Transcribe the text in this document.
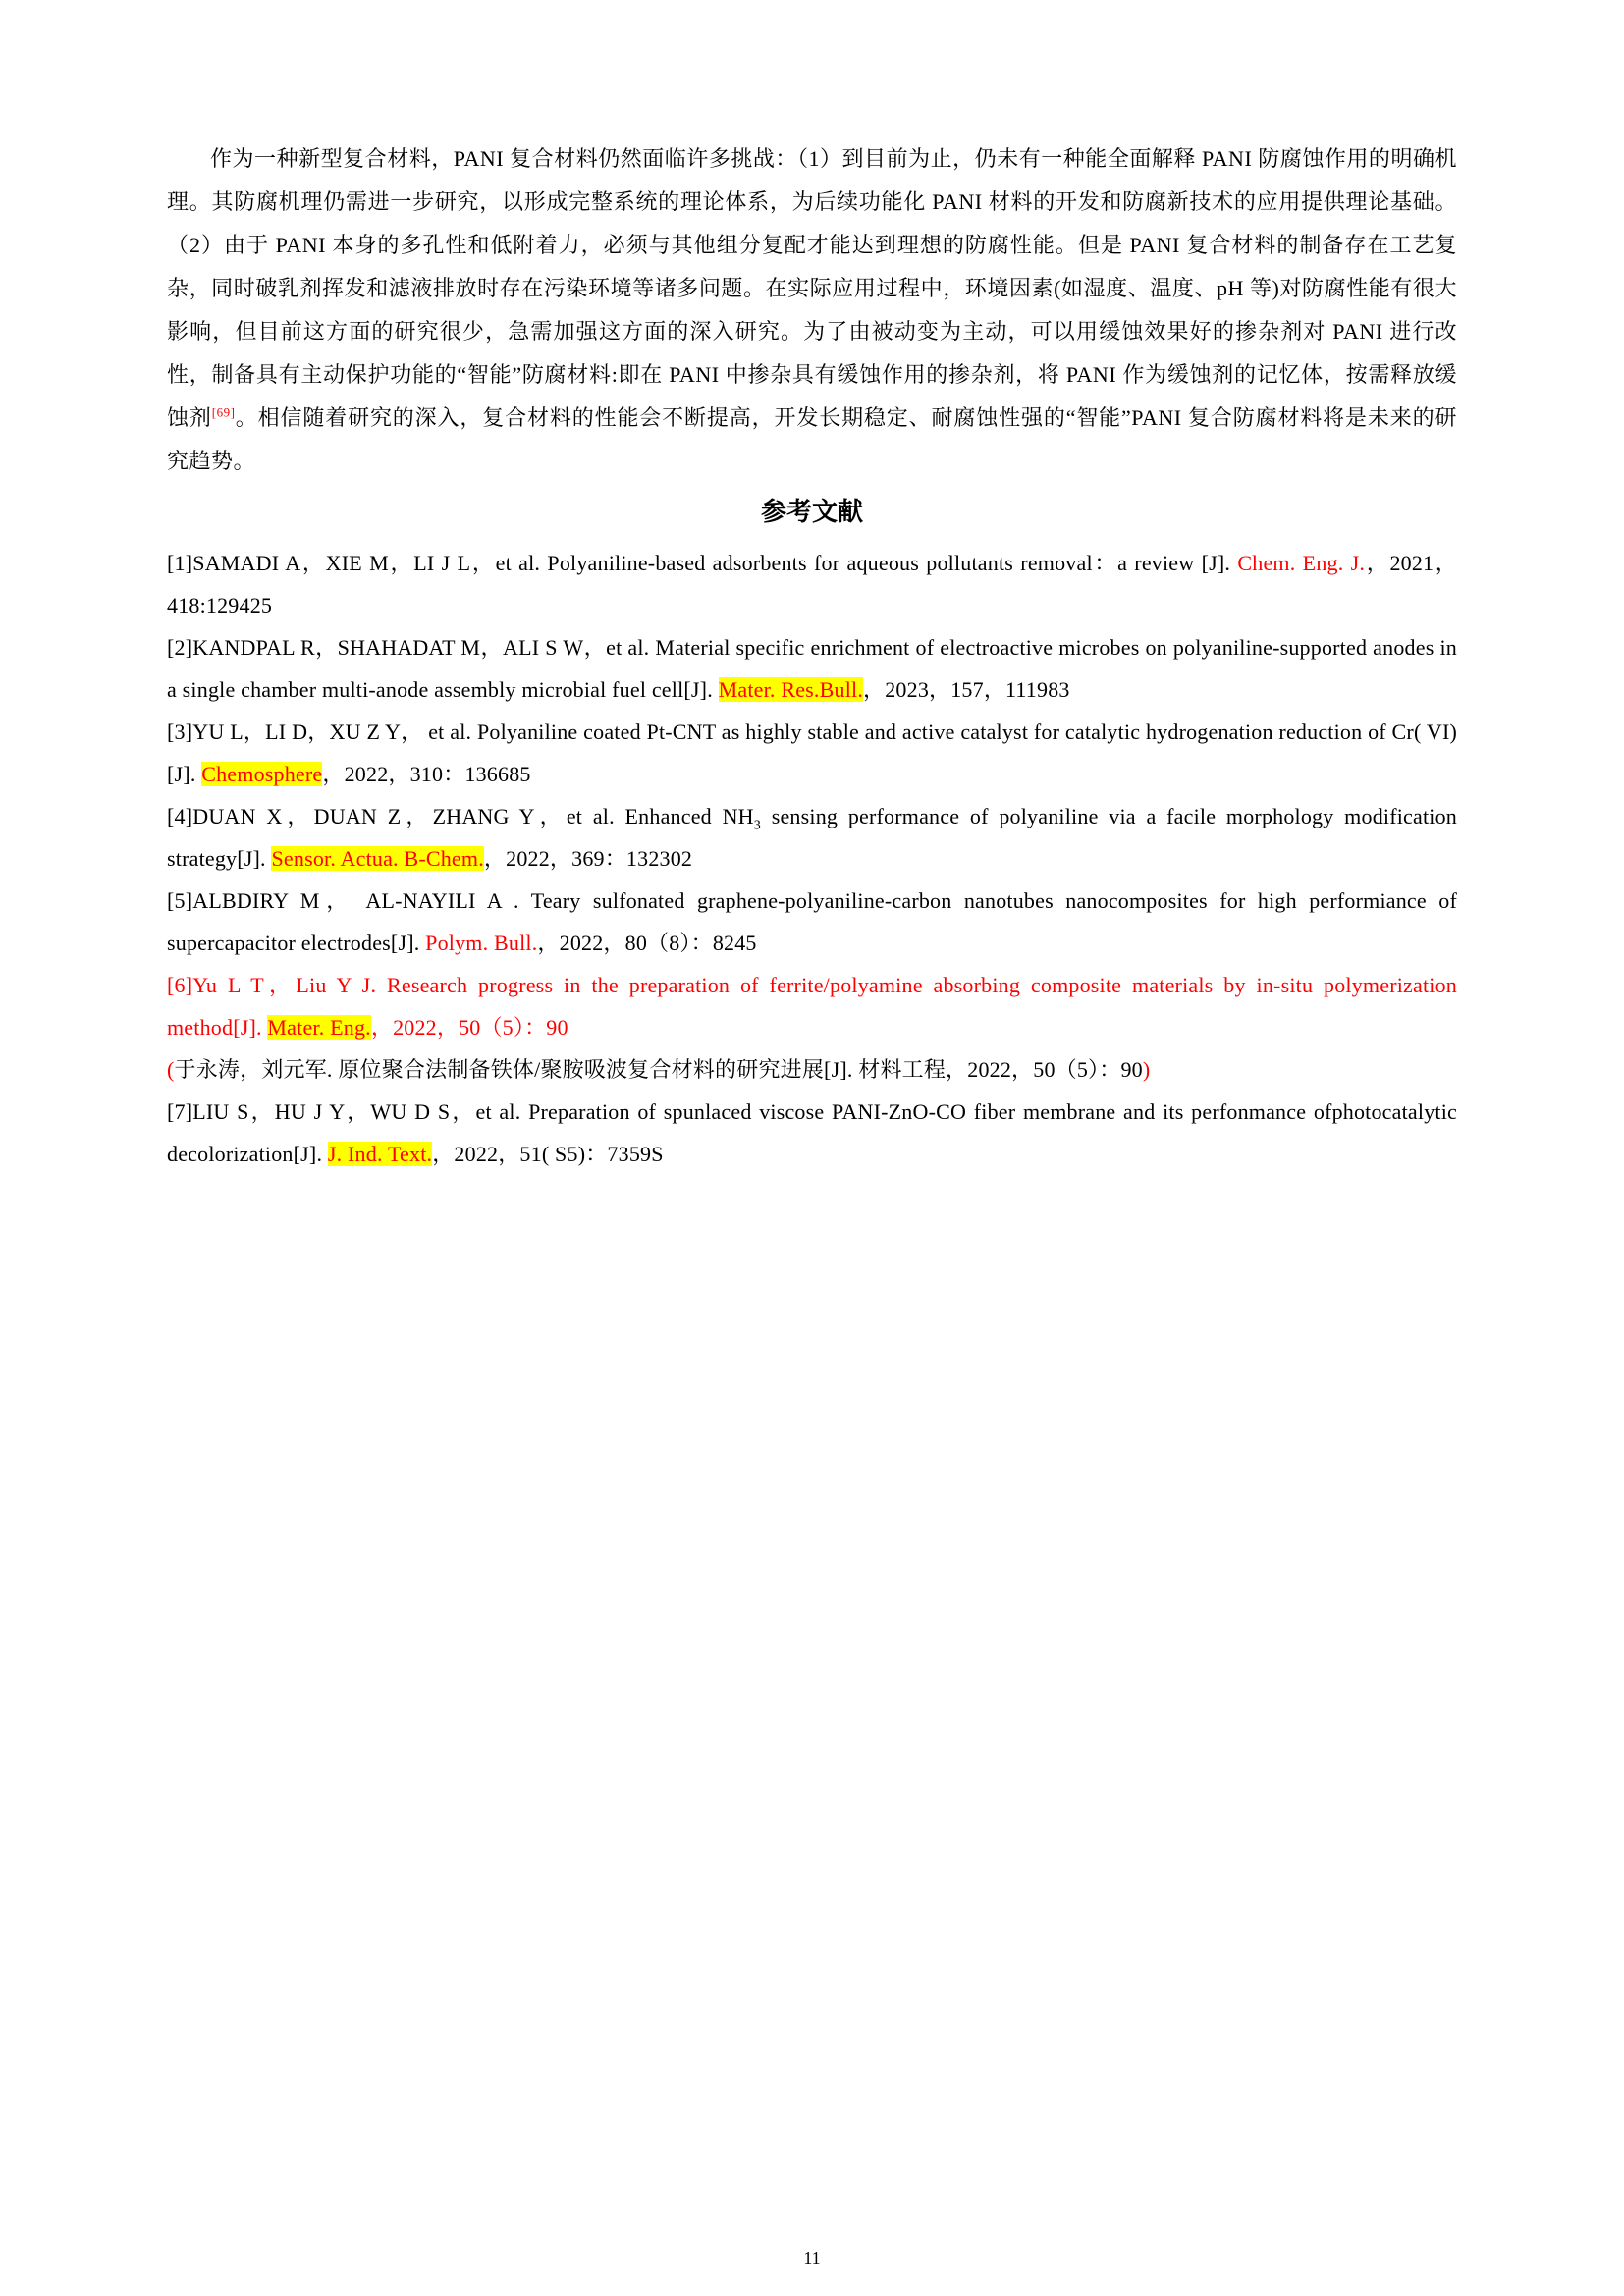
作为一种新型复合材料，PANI 复合材料仍然面临许多挑战：（1）到目前为止，仍未有一种能全面解释 PANI 防腐蚀作用的明确机理。其防腐机理仍需进一步研究，以形成完整系统的理论体系，为后续功能化 PANI 材料的开发和防腐新技术的应用提供理论基础。（2）由于 PANI 本身的多孔性和低附着力，必须与其他组分复配才能达到理想的防腐性能。但是 PANI 复合材料的制备存在工艺复杂，同时破乳剂挥发和滤液排放时存在污染环境等诸多问题。在实际应用过程中，环境因素(如湿度、温度、pH 等)对防腐性能有很大影响，但目前这方面的研究很少，急需加强这方面的深入研究。为了由被动变为主动，可以用缓蚀效果好的掺杂剂对 PANI 进行改性，制备具有主动保护功能的“智能”防腐材料:即在 PANI 中掺杂具有缓蚀作用的掺杂剂，将 PANI 作为缓蚀剂的记忆体，按需释放缓蚀剂[69]。相信随着研究的深入，复合材料的性能会不断提高，开发长期稳定、耐腐蚀性强的“智能”PANI 复合防腐材料将是未来的研究趋势。

参考文献

[1]SAMADI A，XIE M，LI J L，et al. Polyaniline-based adsorbents for aqueous pollutants removal：a review [J]. Chem. Eng. J.，2021，418:129425

[2]KANDPAL R，SHAHADAT M，ALI S W，et al. Material specific enrichment of electroactive microbes on polyaniline-supported anodes in a single chamber multi-anode assembly microbial fuel cell[J]. Mater. Res.Bull.，2023，157，111983

[3]YU L，LI D，XU Z Y， et al. Polyaniline coated Pt-CNT as highly stable and active catalyst for catalytic hydrogenation reduction of Cr( VI)[J]. Chemosphere，2022，310：136685

[4]DUAN X，DUAN Z，ZHANG Y，et al. Enhanced $NH_3$ sensing performance of polyaniline via a facile morphology modification strategy[J]. Sensor. Actua. B-Chem.，2022，369：132302

[5]ALBDIRY M， AL-NAYILI A . Teary sulfonated graphene-polyaniline-carbon nanotubes nanocomposites for high performiance of supercapacitor electrodes[J]. Polym. Bull.，2022，80（8）：8245

[6]Yu L T，Liu Y J. Research progress in the preparation of ferrite/polyamine absorbing composite materials by in-situ polymerization method[J]. Mater. Eng.，2022，50（5）：90

(于永涛，刘元军. 原位聚合法制备铁体/聚胺吸波复合材料的研究进展[J]. 材料工程，2022，50（5）：90)

[7]LIU S，HU J Y，WU D S，et al. Preparation of spunlaced viscose PANI-ZnO-CO fiber membrane and its perfonmance ofphotocatalytic decolorization[J]. J. Ind. Text.，2022，51( S5)：7359S

11
